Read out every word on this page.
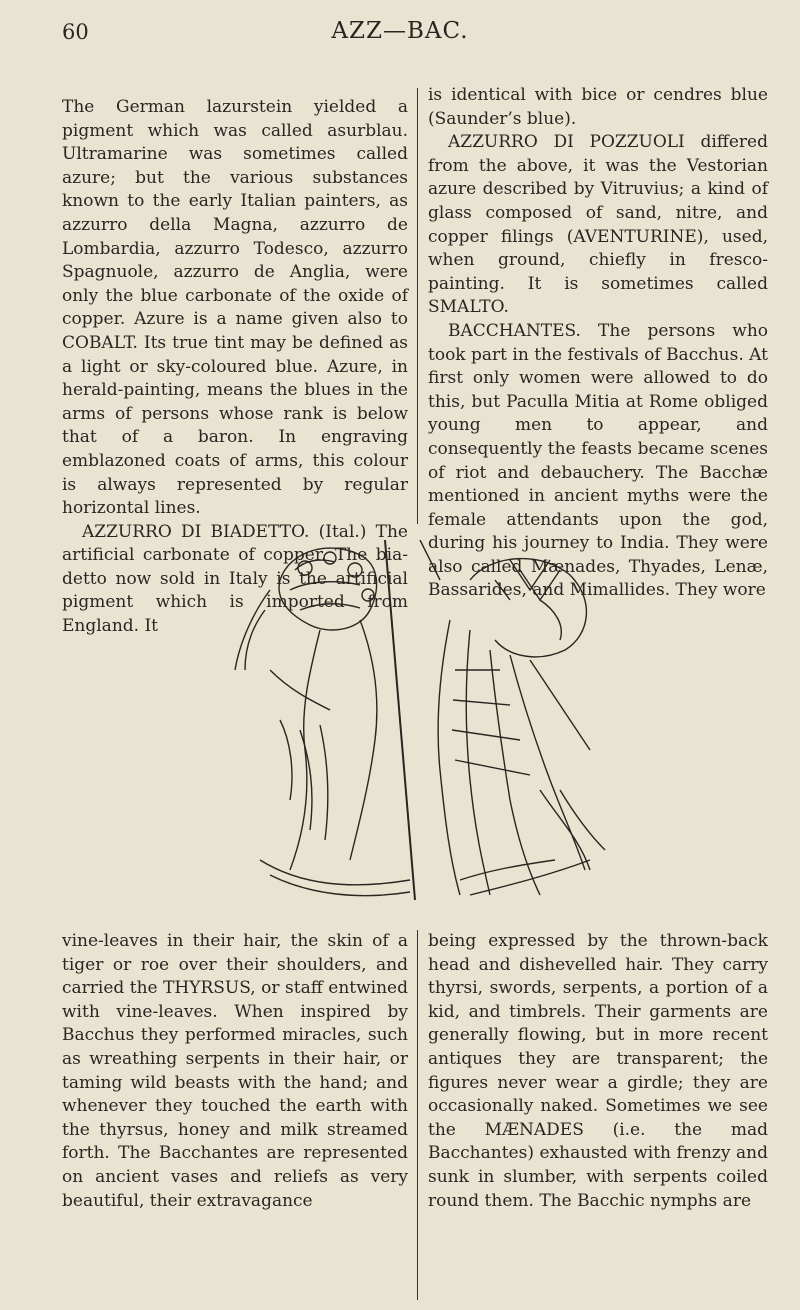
60	AZZ—BAC.

The German lazurstein yielded a pigment which was called asurblau. Ultramarine was sometimes called azure; but the various substances known to the early Italian painters, as azzurro della Magna, azzurro de Lombardia, azzurro Todesco, azzurro Spagnuole, azzurro de Anglia, were only the blue carbonate of the oxide of copper. Azure is a name given also to COBALT. Its true tint may be defined as a light or sky-coloured blue. Azure, in herald-painting, means the blues in the arms of persons whose rank is below that of a baron. In engraving emblazoned coats of arms, this colour is always represented by regular horizontal lines.

AZZURRO DI BIADETTO. (Ital.) The artificial carbonate of copper. The bia-detto now sold in Italy is the artificial pigment which is imported from England. It

is identical with bice or cendres blue (Saunder’s blue).

AZZURRO DI POZZUOLI differed from the above, it was the Vestorian azure described by Vitruvius; a kind of glass composed of sand, nitre, and copper filings (AVENTURINE), used, when ground, chiefly in fresco-painting. It is sometimes called SMALTO.

BACCHANTES. The persons who took part in the festivals of Bacchus. At first only women were allowed to do this, but Paculla Mitia at Rome obliged young men to appear, and consequently the feasts became scenes of riot and debauchery. The Bacchæ mentioned in ancient myths were the female attendants upon the god, during his journey to India. They were also called Mænades, Thyades, Lenæ, Bassarides, and Mimallides. They wore

vine-leaves in their hair, the skin of a tiger or roe over their shoulders, and carried the THYRSUS, or staff entwined with vine-leaves. When inspired by Bacchus they performed miracles, such as wreathing serpents in their hair, or taming wild beasts with the hand; and whenever they touched the earth with the thyrsus, honey and milk streamed forth. The Bacchantes are represented on ancient vases and reliefs as very beautiful, their extravagance

being expressed by the thrown-back head and dishevelled hair. They carry thyrsi, swords, serpents, a portion of a kid, and timbrels. Their garments are generally flowing, but in more recent antiques they are transparent; the figures never wear a girdle; they are occasionally naked. Sometimes we see the MÆNADES (i.e. the mad Bacchantes) exhausted with frenzy and sunk in slumber, with serpents coiled round them. The Bacchic nymphs are
